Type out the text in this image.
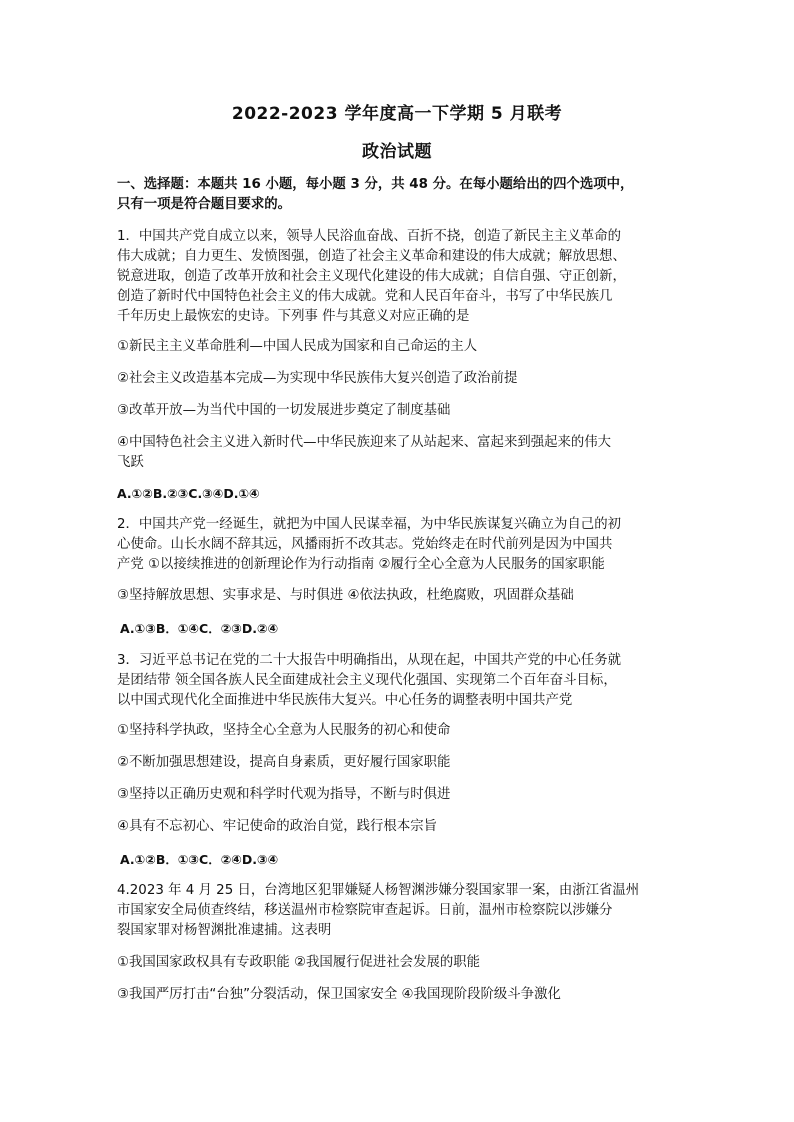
2022-2023 学年度高一下学期 5 月联考
政治试题
一、选择题：本题共 16 小题，每小题 3 分，共 48 分。在每小题给出的四个选项中，
只有一项是符合题目要求的。
1．中国共产党自成立以来，领导人民浴血奋战、百折不挠，创造了新民主主义革命的
伟大成就；自力更生、发愤图强，创造了社会主义革命和建设的伟大成就；解放思想、
锐意进取，创造了改革开放和社会主义现代化建设的伟大成就；自信自强、守正创新，
创造了新时代中国特色社会主义的伟大成就。党和人民百年奋斗，书写了中华民族几
千年历史上最恢宏的史诗。下列事 件与其意义对应正确的是
①新民主主义革命胜利—中国人民成为国家和自己命运的主人
②社会主义改造基本完成—为实现中华民族伟大复兴创造了政治前提
③改革开放—为当代中国的一切发展进步奠定了制度基础
④中国特色社会主义进入新时代—中华民族迎来了从站起来、富起来到强起来的伟大
飞跃
A.①②B.②③C.③④D.①④
2．中国共产党一经诞生，就把为中国人民谋幸福，为中华民族谋复兴确立为自己的初
心使命。山长水阔不辞其远，风播雨折不改其志。党始终走在时代前列是因为中国共
产党 ①以接续推进的创新理论作为行动指南 ②履行全心全意为人民服务的国家职能
③坚持解放思想、实事求是、与时俱进 ④依法执政，杜绝腐败，巩固群众基础
A.①③B．①④C．②③D.②④
3．习近平总书记在党的二十大报告中明确指出，从现在起，中国共产党的中心任务就
是团结带 领全国各族人民全面建成社会主义现代化强国、实现第二个百年奋斗目标，
以中国式现代化全面推进中华民族伟大复兴。中心任务的调整表明中国共产党
①坚持科学执政，坚持全心全意为人民服务的初心和使命
②不断加强思想建设，提高自身素质，更好履行国家职能
③坚持以正确历史观和科学时代观为指导，不断与时俱进
④具有不忘初心、牢记使命的政治自觉，践行根本宗旨
A.①②B．①③C．②④D.③④
4.2023 年 4 月 25 日，台湾地区犯罪嫌疑人杨智渊涉嫌分裂国家罪一案，由浙江省温州
市国家安全局侦查终结，移送温州市检察院审查起诉。日前，温州市检察院以涉嫌分
裂国家罪对杨智渊批准逮捕。这表明
①我国国家政权具有专政职能 ②我国履行促进社会发展的职能
③我国严厉打击“台独”分裂活动，保卫国家安全 ④我国现阶段阶级斗争激化
